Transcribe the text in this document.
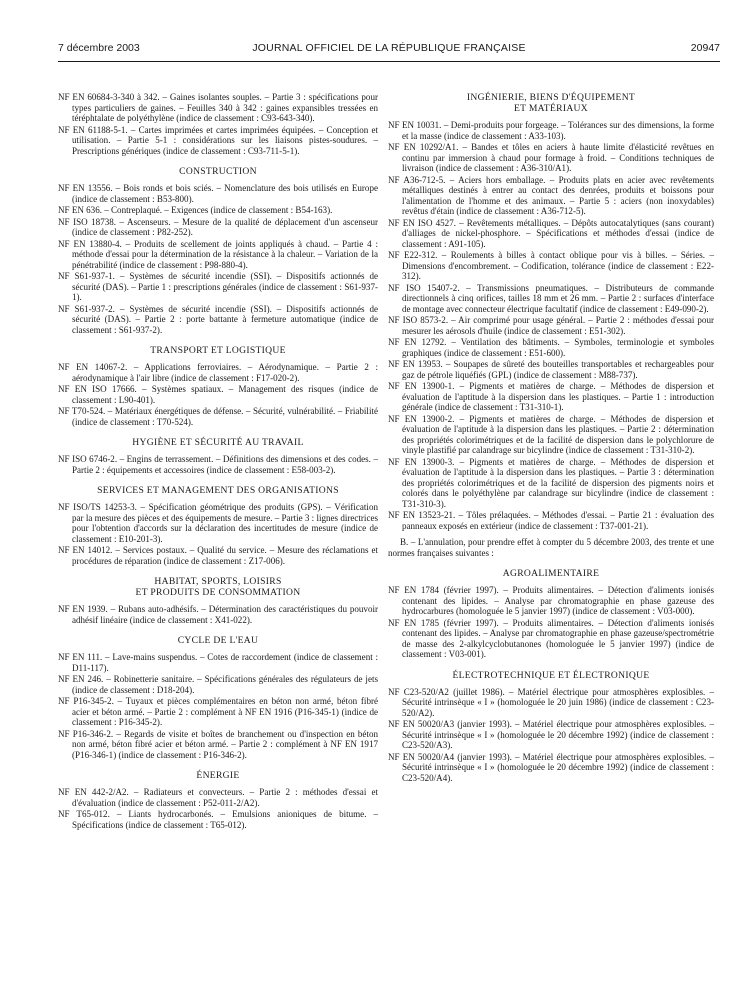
7 décembre 2003	JOURNAL OFFICIEL DE LA RÉPUBLIQUE FRANÇAISE	20947
NF EN 60684-3-340 à 342. – Gaines isolantes souples. – Partie 3 : spécifications pour types particuliers de gaines. – Feuilles 340 à 342 : gaines expansibles tressées en téréphtalate de polyéthylène (indice de classement : C93-643-340).
NF EN 61188-5-1. – Cartes imprimées et cartes imprimées équipées. – Conception et utilisation. – Partie 5-1 : considérations sur les liaisons pistes-soudures. – Prescriptions génériques (indice de classement : C93-711-5-1).
CONSTRUCTION
NF EN 13556. – Bois ronds et bois sciés. – Nomenclature des bois utilisés en Europe (indice de classement : B53-800).
NF EN 636. – Contreplaqué. – Exigences (indice de classement : B54-163).
NF ISO 18738. – Ascenseurs. – Mesure de la qualité de déplacement d'un ascenseur (indice de classement : P82-252).
NF EN 13880-4. – Produits de scellement de joints appliqués à chaud. – Partie 4 : méthode d'essai pour la détermination de la résistance à la chaleur. – Variation de la pénétrabilité (indice de classement : P98-880-4).
NF S61-937-1. – Systèmes de sécurité incendie (SSI). – Dispositifs actionnés de sécurité (DAS). – Partie 1 : prescriptions générales (indice de classement : S61-937-1).
NF S61-937-2. – Systèmes de sécurité incendie (SSI). – Dispositifs actionnés de sécurité (DAS). – Partie 2 : porte battante à fermeture automatique (indice de classement : S61-937-2).
TRANSPORT ET LOGISTIQUE
NF EN 14067-2. – Applications ferroviaires. – Aérodynamique. – Partie 2 : aérodynamique à l'air libre (indice de classement : F17-020-2).
NF EN ISO 17666. – Systèmes spatiaux. – Management des risques (indice de classement : L90-401).
NF T70-524. – Matériaux énergétiques de défense. – Sécurité, vulnérabilité. – Friabilité (indice de classement : T70-524).
HYGIÈNE ET SÉCURITÉ AU TRAVAIL
NF ISO 6746-2. – Engins de terrassement. – Définitions des dimensions et des codes. – Partie 2 : équipements et accessoires (indice de classement : E58-003-2).
SERVICES ET MANAGEMENT DES ORGANISATIONS
NF ISO/TS 14253-3. – Spécification géométrique des produits (GPS). – Vérification par la mesure des pièces et des équipements de mesure. – Partie 3 : lignes directrices pour l'obtention d'accords sur la déclaration des incertitudes de mesure (indice de classement : E10-201-3).
NF EN 14012. – Services postaux. – Qualité du service. – Mesure des réclamations et procédures de réparation (indice de classement : Z17-006).
HABITAT, SPORTS, LOISIRS
ET PRODUITS DE CONSOMMATION
NF EN 1939. – Rubans auto-adhésifs. – Détermination des caractéristiques du pouvoir adhésif linéaire (indice de classement : X41-022).
CYCLE DE L'EAU
NF EN 111. – Lave-mains suspendus. – Cotes de raccordement (indice de classement : D11-117).
NF EN 246. – Robinetterie sanitaire. – Spécifications générales des régulateurs de jets (indice de classement : D18-204).
NF P16-345-2. – Tuyaux et pièces complémentaires en béton non armé, béton fibré acier et béton armé. – Partie 2 : complément à NF EN 1916 (P16-345-1) (indice de classement : P16-345-2).
NF P16-346-2. – Regards de visite et boîtes de branchement ou d'inspection en béton non armé, béton fibré acier et béton armé. – Partie 2 : complément à NF EN 1917 (P16-346-1) (indice de classement : P16-346-2).
ÉNERGIE
NF EN 442-2/A2. – Radiateurs et convecteurs. – Partie 2 : méthodes d'essai et d'évaluation (indice de classement : P52-011-2/A2).
NF T65-012. – Liants hydrocarbonés. – Emulsions anioniques de bitume. – Spécifications (indice de classement : T65-012).
INGÉNIERIE, BIENS D'ÉQUIPEMENT
ET MATÉRIAUX
NF EN 10031. – Demi-produits pour forgeage. – Tolérances sur des dimensions, la forme et la masse (indice de classement : A33-103).
NF EN 10292/A1. – Bandes et tôles en aciers à haute limite d'élasticité revêtues en continu par immersion à chaud pour formage à froid. – Conditions techniques de livraison (indice de classement : A36-310/A1).
NF A36-712-5. – Aciers hors emballage. – Produits plats en acier avec revêtements métalliques destinés à entrer au contact des denrées, produits et boissons pour l'alimentation de l'homme et des animaux. – Partie 5 : aciers (non inoxydables) revêtus d'étain (indice de classement : A36-712-5).
NF EN ISO 4527. – Revêtements métalliques. – Dépôts autocatalytiques (sans courant) d'alliages de nickel-phosphore. – Spécifications et méthodes d'essai (indice de classement : A91-105).
NF E22-312. – Roulements à billes à contact oblique pour vis à billes. – Séries. – Dimensions d'encombrement. – Codification, tolérance (indice de classement : E22-312).
NF ISO 15407-2. – Transmissions pneumatiques. – Distributeurs de commande directionnels à cinq orifices, tailles 18 mm et 26 mm. – Partie 2 : surfaces d'interface de montage avec connecteur électrique facultatif (indice de classement : E49-090-2).
NF ISO 8573-2. – Air comprimé pour usage général. – Partie 2 : méthodes d'essai pour mesurer les aérosols d'huile (indice de classement : E51-302).
NF EN 12792. – Ventilation des bâtiments. – Symboles, terminologie et symboles graphiques (indice de classement : E51-600).
NF EN 13953. – Soupapes de sûreté des bouteilles transportables et rechargeables pour gaz de pétrole liquéfiés (GPL) (indice de classement : M88-737).
NF EN 13900-1. – Pigments et matières de charge. – Méthodes de dispersion et évaluation de l'aptitude à la dispersion dans les plastiques. – Partie 1 : introduction générale (indice de classement : T31-310-1).
NF EN 13900-2. – Pigments et matières de charge. – Méthodes de dispersion et évaluation de l'aptitude à la dispersion dans les plastiques. – Partie 2 : détermination des propriétés colorimétriques et de la facilité de dispersion dans le polychlorure de vinyle plastifié par calandrage sur bicylindre (indice de classement : T31-310-2).
NF EN 13900-3. – Pigments et matières de charge. – Méthodes de dispersion et évaluation de l'aptitude à la dispersion dans les plastiques. – Partie 3 : détermination des propriétés colorimétriques et de la facilité de dispersion des pigments noirs et colorés dans le polyéthylène par calandrage sur bicylindre (indice de classement : T31-310-3).
NF EN 13523-21. – Tôles prélaquées. – Méthodes d'essai. – Partie 21 : évaluation des panneaux exposés en extérieur (indice de classement : T37-001-21).
B. – L'annulation, pour prendre effet à compter du 5 décembre 2003, des trente et une normes françaises suivantes :
AGROALIMENTAIRE
NF EN 1784 (février 1997). – Produits alimentaires. – Détection d'aliments ionisés contenant des lipides. – Analyse par chromatographie en phase gazeuse des hydrocarbures (homologuée le 5 janvier 1997) (indice de classement : V03-000).
NF EN 1785 (février 1997). – Produits alimentaires. – Détection d'aliments ionisés contenant des lipides. – Analyse par chromatographie en phase gazeuse/spectrométrie de masse des 2-alkylcyclobutanones (homologuée le 5 janvier 1997) (indice de classement : V03-001).
ÉLECTROTECHNIQUE ET ÉLECTRONIQUE
NF C23-520/A2 (juillet 1986). – Matériel électrique pour atmosphères explosibles. – Sécurité intrinsèque « I » (homologuée le 20 juin 1986) (indice de classement : C23-520/A2).
NF EN 50020/A3 (janvier 1993). – Matériel électrique pour atmosphères explosibles. – Sécurité intrinsèque « I » (homologuée le 20 décembre 1992) (indice de classement : C23-520/A3).
NF EN 50020/A4 (janvier 1993). – Matériel électrique pour atmosphères explosibles. – Sécurité intrinsèque « I » (homologuée le 20 décembre 1992) (indice de classement : C23-520/A4).
